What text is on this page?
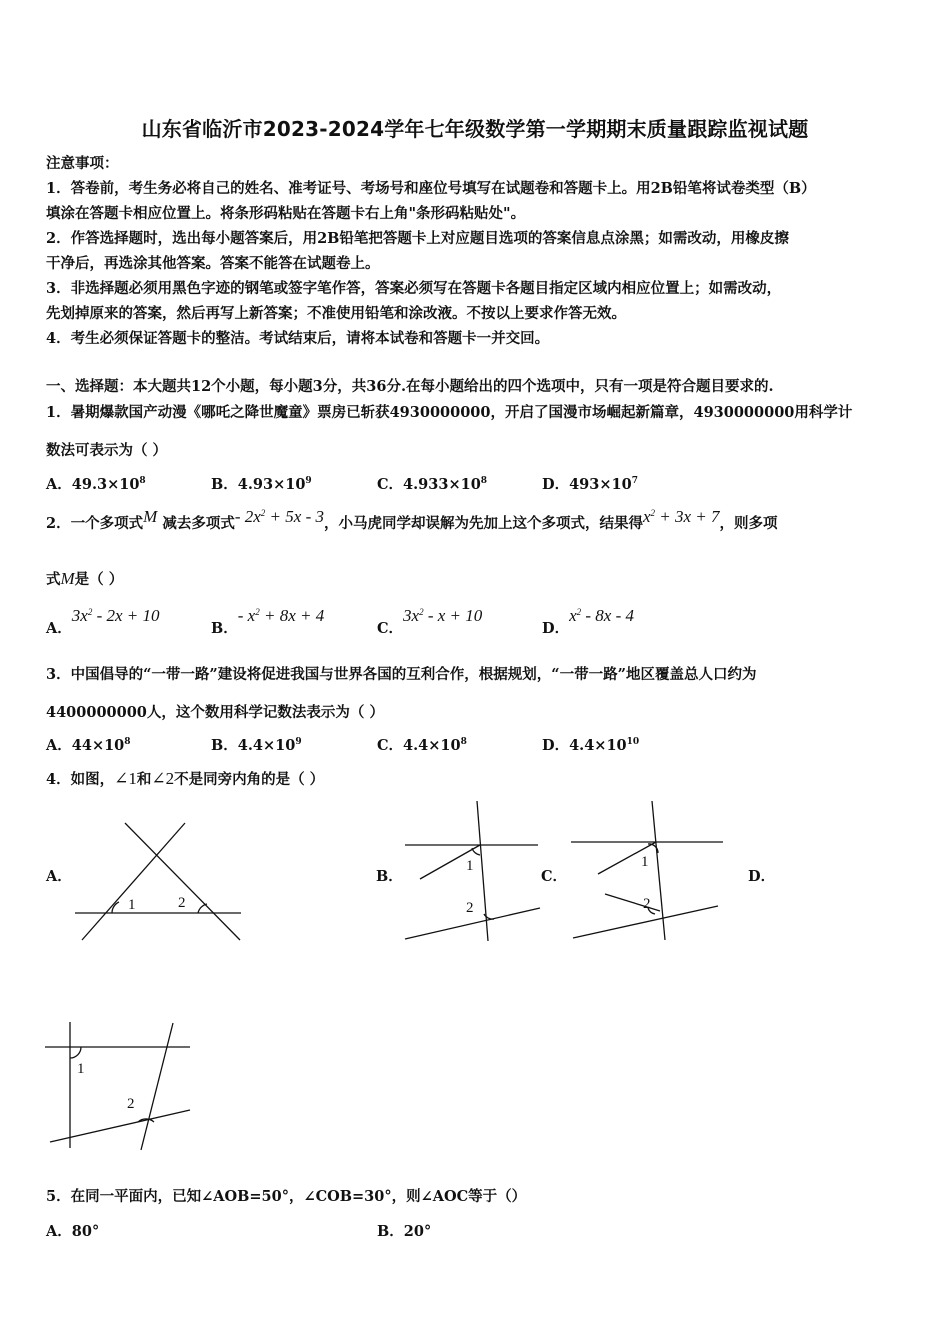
山东省临沂市2023-2024学年七年级数学第一学期期末质量跟踪监视试题
注意事项：
1．答卷前，考生务必将自己的姓名、准考证号、考场号和座位号填写在试题卷和答题卡上。用2B铅笔将试卷类型（B）
填涂在答题卡相应位置上。将条形码粘贴在答题卡右上角"条形码粘贴处"。
2．作答选择题时，选出每小题答案后，用2B铅笔把答题卡上对应题目选项的答案信息点涂黑；如需改动，用橡皮擦
干净后，再选涂其他答案。答案不能答在试题卷上。
3．非选择题必须用黑色字迹的钢笔或签字笔作答，答案必须写在答题卡各题目指定区域内相应位置上；如需改动，
先划掉原来的答案，然后再写上新答案；不准使用铅笔和涂改液。不按以上要求作答无效。
4．考生必须保证答题卡的整洁。考试结束后，请将本试卷和答题卡一并交回。
一、选择题：本大题共12个小题，每小题3分，共36分.在每小题给出的四个选项中，只有一项是符合题目要求的.
1．暑期爆款国产动漫《哪吒之降世魔童》票房已斩获4930000000，开启了国漫市场崛起新篇章，4930000000用科学计
数法可表示为（ ）
A．$49.3\times 10^8$	B．$4.93\times 10^9$	C．$4.933\times 10^8$	D．$493\times 10^7$
2．一个多项式M 减去多项式- $2x^2 + 5x - 3$，小马虎同学却误解为先加上这个多项式，结果得$x^2 + 3x + 7$，则多项
式M是（ ）
A．$3x^2 - 2x + 10$
B．- $x^2 + 8x + 4$
C．$3x^2 - x + 10$
D．$x^2 - 8x - 4$
3．中国倡导的“一带一路”建设将促进我国与世界各国的互利合作，根据规划，“一带一路”地区覆盖总人口约为
4400000000人，这个数用科学记数法表示为（ ）
A．$44\times 10^8$	B．$4.4\times 10^9$	C．$4.4\times 10^8$	D．$4.4\times 10^{10}$
4．如图，∠1和∠2不是同旁内角的是（ ）
A．
1	2
B．
1
2
C．
1
2
D．
1
2
5．在同一平面内，已知∠AOB=50°，∠COB=30°，则∠AOC等于（）
A．80°	B．20°
